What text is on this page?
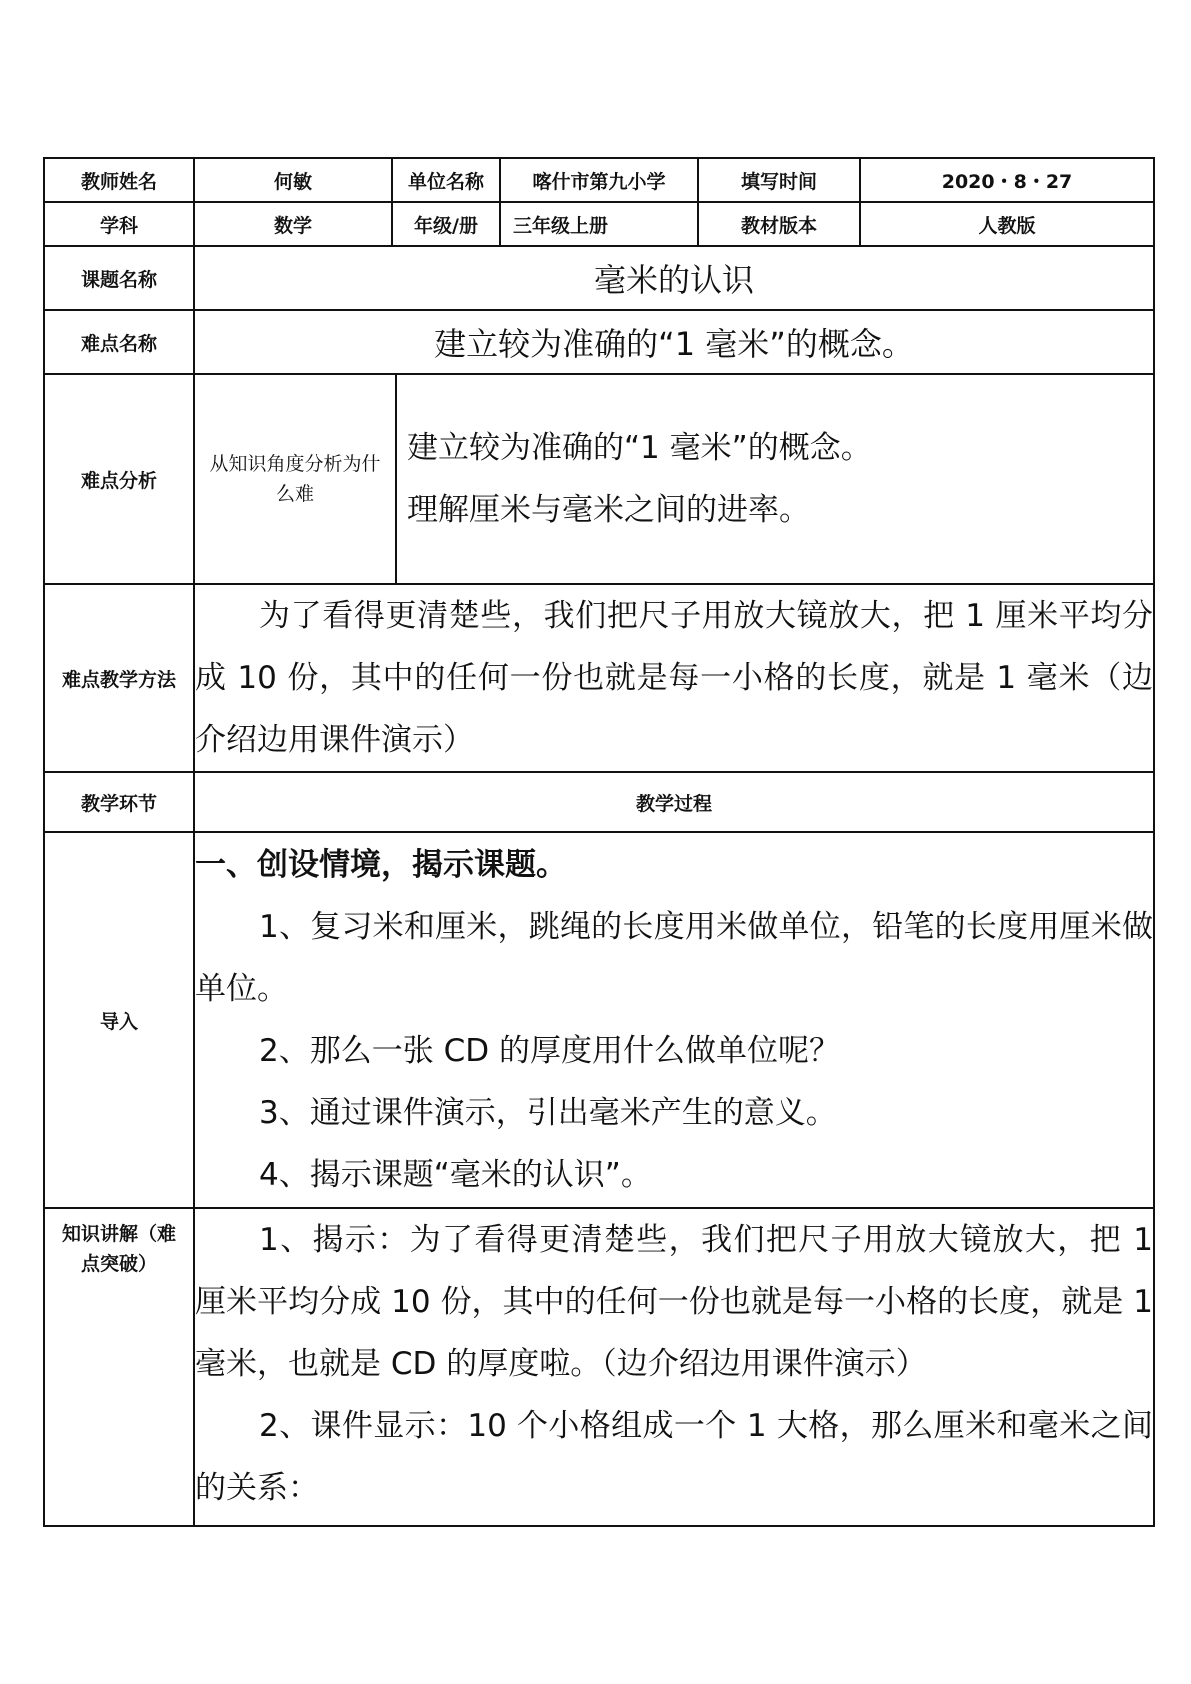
教师姓名	何敏	单位名称	喀什市第九小学	填写时间	2020・8・27
学科	数学	年级/册	三年级上册	教材版本	人教版
课题名称	毫米的认识				
难点名称	建立较为准确的“1 毫米”的概念。				
难点分析	从知识角度分析为什么难

建立较为准确的“1 毫米”的概念。

理解厘米与毫米之间的进率。				

难点教学方法	为了看得更清楚些，我们把尺子用放大镜放大，把 1 厘米平均分成 10 份，其中的任何一份也就是每一小格的长度，就是 1 毫米（边介绍边用课件演示）				

教学环节	教学过程				
导入	一、创设情境，揭示课题。

1、复习米和厘米，跳绳的长度用米做单位，铅笔的长度用厘米做单位。

2、那么一张 CD 的厚度用什么做单位呢？

3、通过课件演示，引出毫米产生的意义。

4、揭示课题“毫米的认识”。				

知识讲解（难点突破）	1、揭示：为了看得更清楚些，我们把尺子用放大镜放大，把 1 厘米平均分成 10 份，其中的任何一份也就是每一小格的长度，就是 1 毫米，也就是 CD 的厚度啦。（边介绍边用课件演示）

2、课件显示：10 个小格组成一个 1 大格，那么厘米和毫米之间的关系：				
